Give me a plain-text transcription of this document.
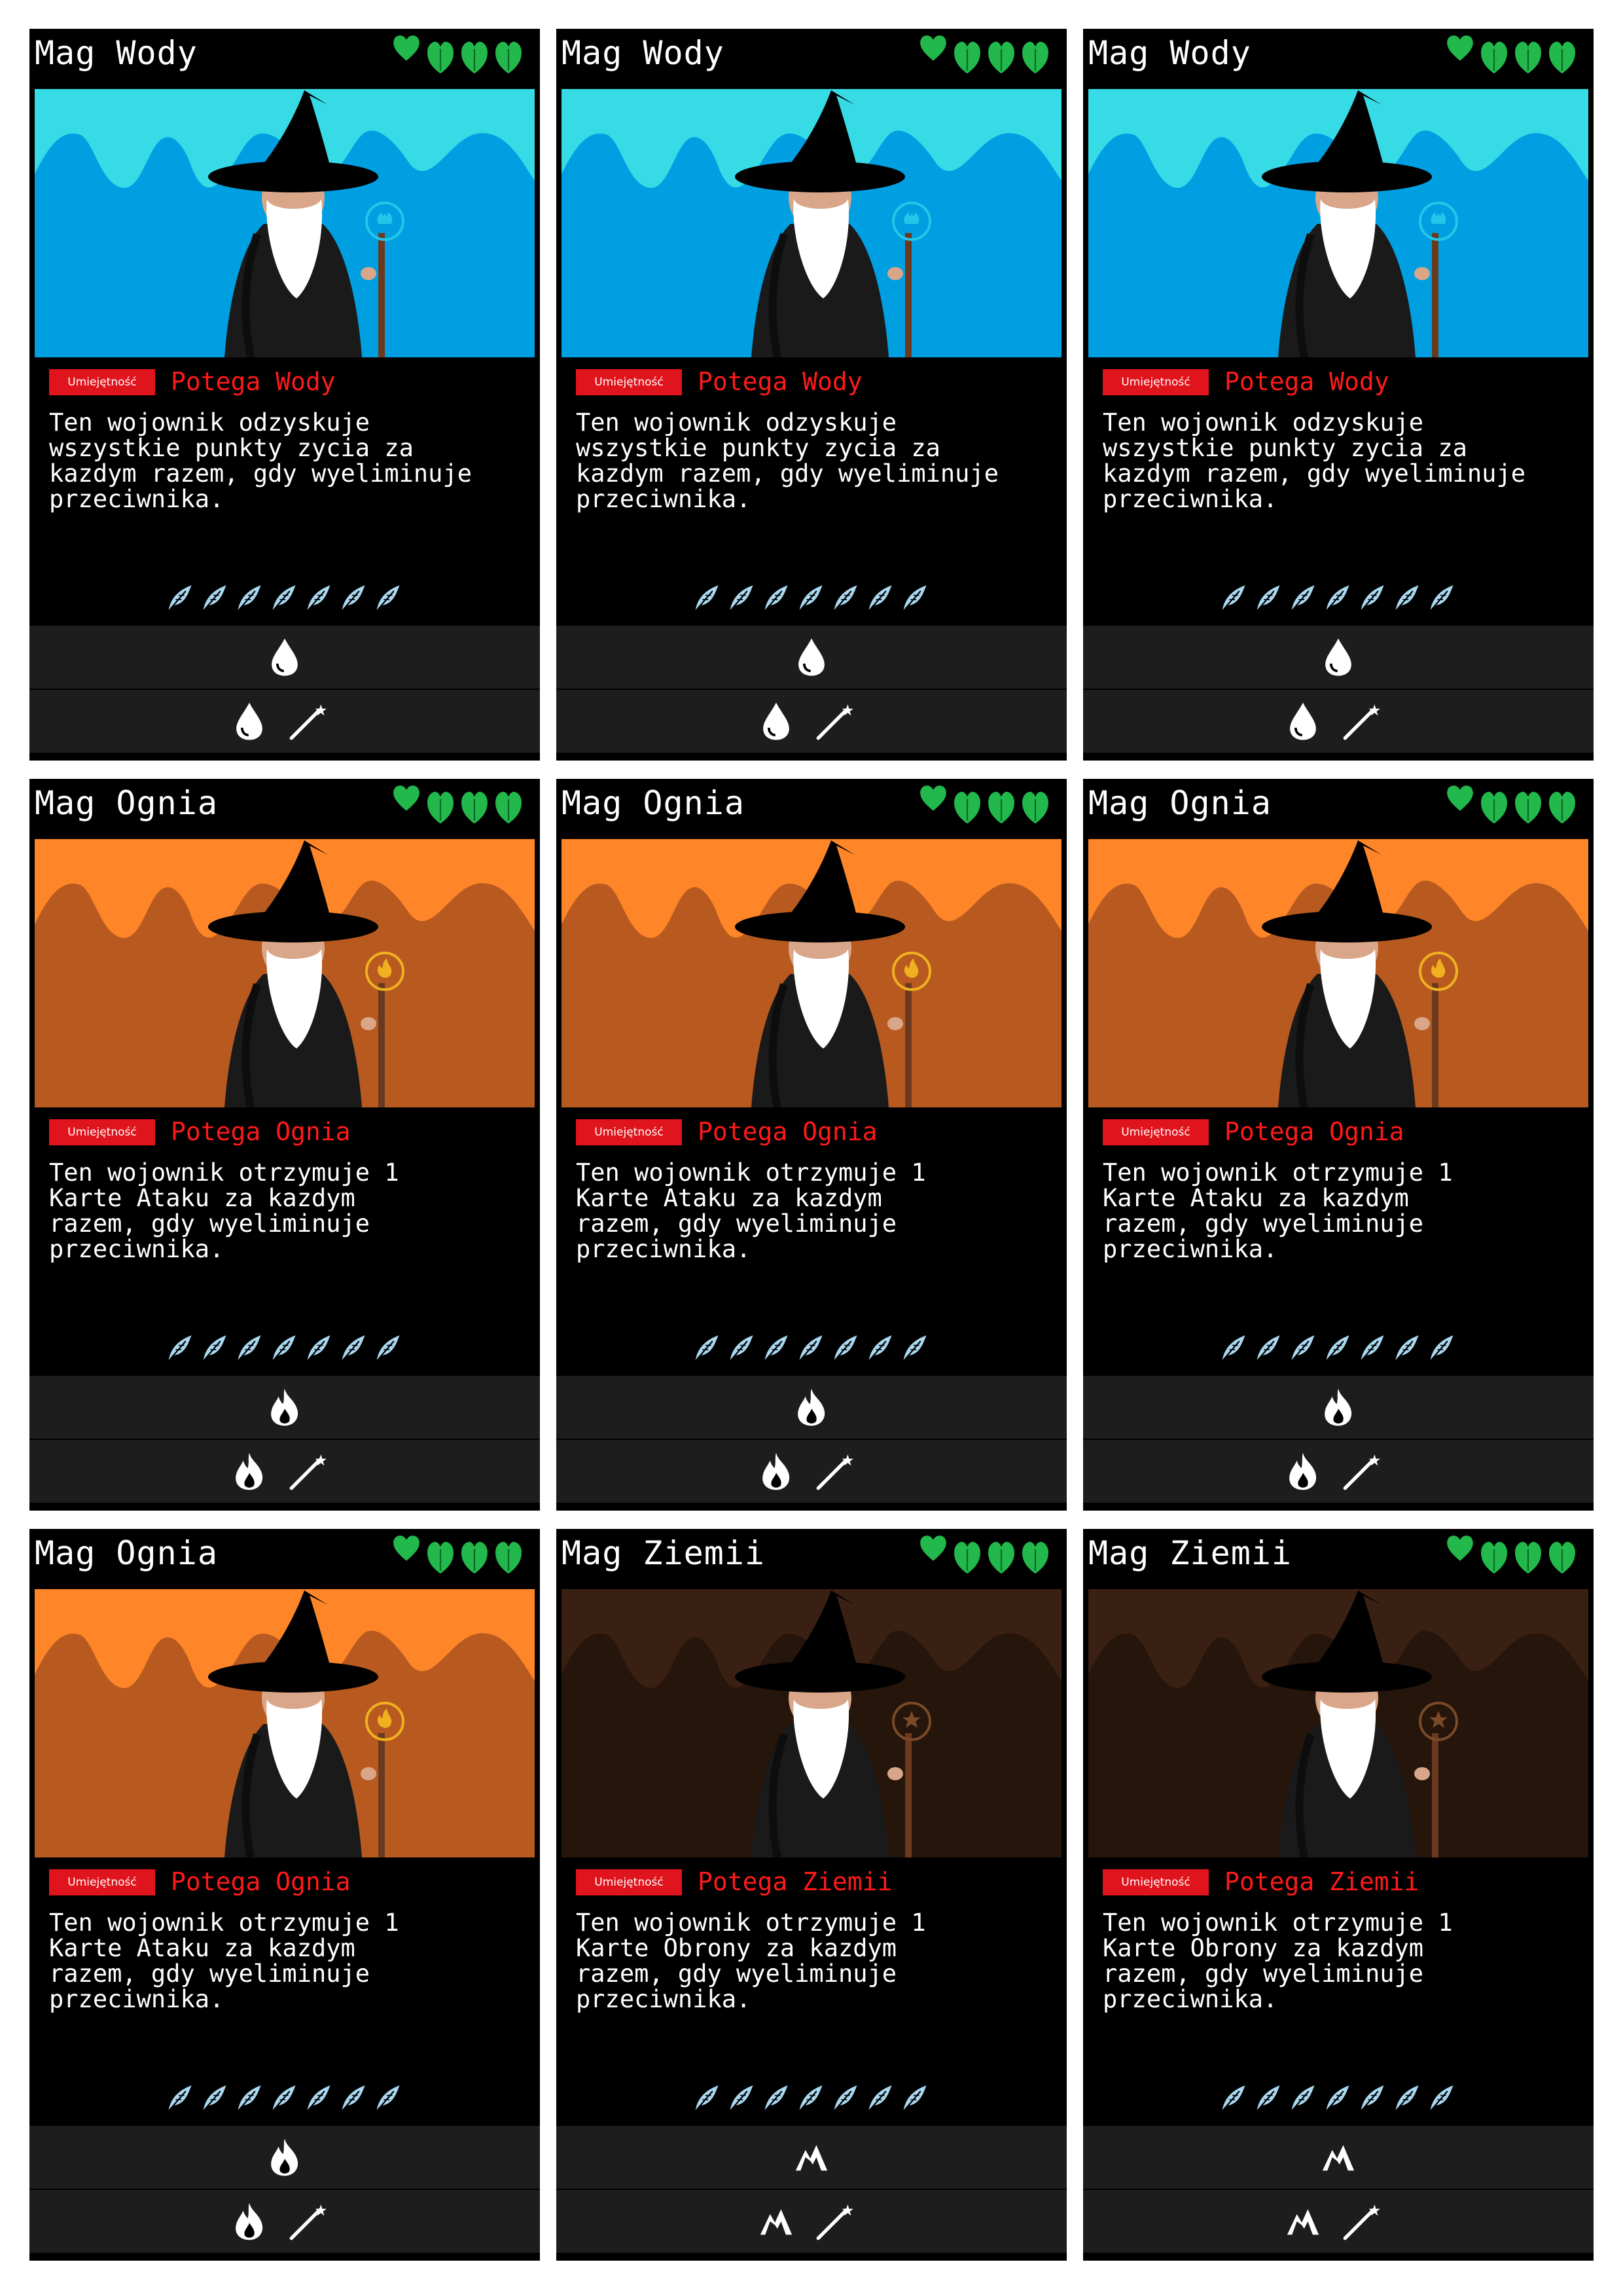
Mag Wody
Umiejętność	Potega Wody
Ten wojownik odzyskuje
wszystkie punkty zycia za
kazdym razem, gdy wyeliminuje
przeciwnika.
Mag Wody
Umiejętność	Potega Wody
Ten wojownik odzyskuje
wszystkie punkty zycia za
kazdym razem, gdy wyeliminuje
przeciwnika.
Mag Wody
Umiejętność	Potega Wody
Ten wojownik odzyskuje
wszystkie punkty zycia za
kazdym razem, gdy wyeliminuje
przeciwnika.
Mag Ognia
Umiejętność	Potega Ognia
Ten wojownik otrzymuje 1
Karte Ataku za kazdym
razem, gdy wyeliminuje
przeciwnika.
Mag Ognia
Umiejętność	Potega Ognia
Ten wojownik otrzymuje 1
Karte Ataku za kazdym
razem, gdy wyeliminuje
przeciwnika.
Mag Ognia
Umiejętność	Potega Ognia
Ten wojownik otrzymuje 1
Karte Ataku za kazdym
razem, gdy wyeliminuje
przeciwnika.
Mag Ognia
Umiejętność	Potega Ognia
Ten wojownik otrzymuje 1
Karte Ataku za kazdym
razem, gdy wyeliminuje
przeciwnika.
Mag Ziemii
Umiejętność	Potega Ziemii
Ten wojownik otrzymuje 1
Karte Obrony za kazdym
razem, gdy wyeliminuje
przeciwnika.
Mag Ziemii
Umiejętność	Potega Ziemii
Ten wojownik otrzymuje 1
Karte Obrony za kazdym
razem, gdy wyeliminuje
przeciwnika.
